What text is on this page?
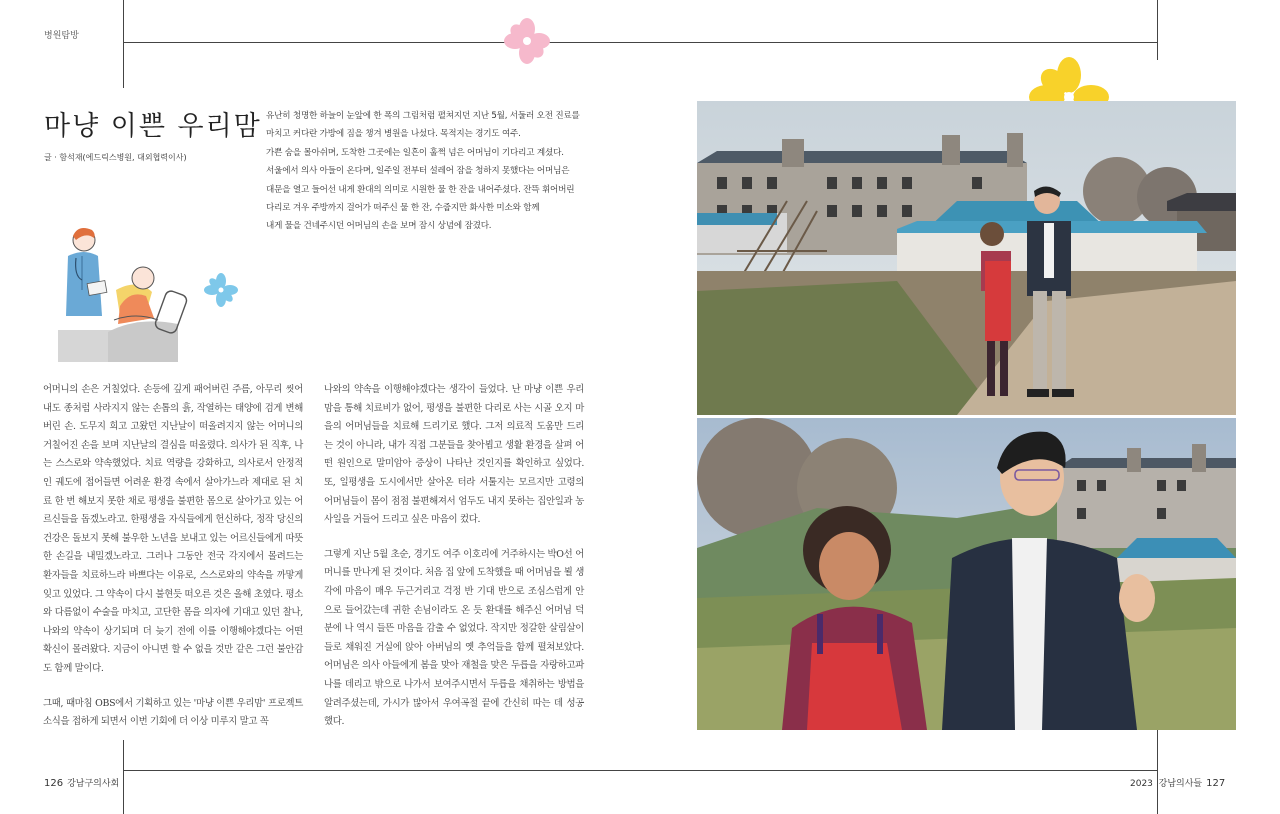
병원탐방
마냥 이쁜 우리맘
글 · 함석재(에드릭스병원, 대외협력이사)
유난히 청명한 하늘이 눈앞에 한 폭의 그림처럼 펼쳐지던 지난 5월, 서둘러 오전 진료를
마치고 커다란 가방에 짐을 챙겨 병원을 나섰다. 목적지는 경기도 여주.
가쁜 숨을 몰아쉬며, 도착한 그곳에는 일흔이 훌쩍 넘은 어머님이 기다리고 계셨다.
서울에서 의사 아들이 온다며, 일주일 전부터 설레어 잠을 청하지 못했다는 어머님은
대문을 열고 들어선 내게 환대의 의미로 시원한 물 한 잔을 내어주셨다. 잔뜩 휘어버린
다리로 겨우 주방까지 걸어가 떠주신 물 한 잔, 수줍지만 화사한 미소와 함께
내게 물을 건네주시던 어머님의 손을 보며 잠시 상념에 잠겼다.

어머니의 손은 거칠었다. 손등에 깊게 패어버린 주름, 아무리 씻어내도 종처럼 사라지지 않는 손톱의 흙, 작열하는 태양에 검게 변해버린 손. 도무지 희고 고왔던 지난날이 떠올려지지 않는 어머니의 거칠어진 손을 보며 지난날의 결심을 떠올렸다. 의사가 된 직후, 나는 스스로와 약속했었다. 치료 역량을 강화하고, 의사로서 안정적인 궤도에 접어들면 어려운 환경 속에서 살아가느라 제대로 된 치료 한 번 해보지 못한 채로 평생을 불편한 몸으로 살아가고 있는 어르신들을 돕겠노라고. 한평생을 자식들에게 헌신하다, 정작 당신의 건강은 돌보지 못해 불우한 노년을 보내고 있는 어르신들에게 따뜻한 손길을 내밀겠노라고. 그러나 그동안 전국 각지에서 몰려드는 환자들을 치료하느라 바쁘다는 이유로, 스스로와의 약속을 까맣게 잊고 있었다. 그 약속이 다시 불현듯 떠오른 것은 올해 초였다. 평소와 다름없이 수술을 마치고, 고단한 몸을 의자에 기대고 있던 찰나, 나와의 약속이 상기되며 더 늦기 전에 이를 이행해야겠다는 어떤 확신이 몰려왔다. 지금이 아니면 할 수 없을 것만 같은 그런 불안감도 함께 말이다.

그때, 때마침 OBS에서 기획하고 있는 '마냥 이쁜 우리맘' 프로젝트 소식을 접하게 되면서 이번 기회에 더 이상 미루지 말고 꼭

나와의 약속을 이행해야겠다는 생각이 들었다. 난 마냥 이쁜 우리맘을 통해 치료비가 없어, 평생을 불편한 다리로 사는 시골 오지 마을의 어머님들을 치료해 드리기로 했다. 그저 의료적 도움만 드리는 것이 아니라, 내가 직접 그분들을 찾아뵙고 생활 환경을 살펴 어떤 원인으로 말미암아 증상이 나타난 것인지를 확인하고 싶었다. 또, 일평생을 도시에서만 살아온 터라 서툴지는 모르지만 고령의 어머님들이 몸이 점점 불편해져서 엄두도 내지 못하는 집안일과 농사일을 거들어 드리고 싶은 마음이 컸다.

그렇게 지난 5월 초순, 경기도 여주 이호리에 거주하시는 박O선 어머니를 만나게 된 것이다. 처음 집 앞에 도착했을 때 어머님을 뵐 생각에 마음이 매우 두근거리고 걱정 반 기대 반으로 조심스럽게 안으로 들어갔는데 귀한 손님이라도 온 듯 환대를 해주신 어머님 덕분에 나 역시 들뜬 마음을 감출 수 없었다. 작지만 정갈한 살림살이들로 채워진 거실에 앉아 아버님의 옛 추억들을 함께 펼쳐보았다. 어머님은 의사 아들에게 봄을 맞아 재철을 맞은 두릅을 자랑하고파 나를 데리고 밖으로 나가서 보여주시면서 두릅을 채취하는 방법을 알려주셨는데, 가시가 많아서 우여곡절 끝에 간신히 따는 데 성공했다.

126 강남구의사회	2023 강남의사들 127
